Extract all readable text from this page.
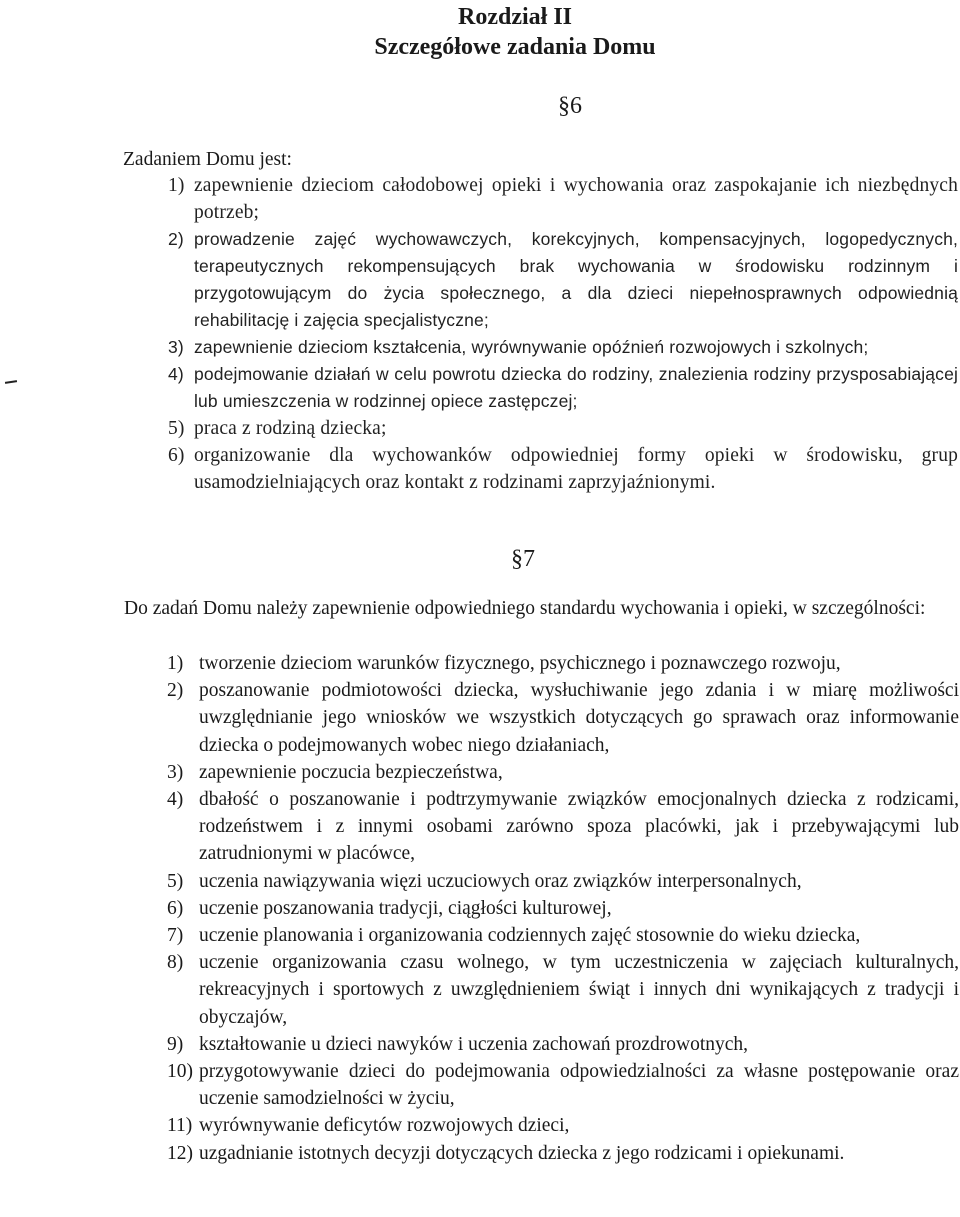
Rozdział II
Szczegółowe zadania Domu
§6
Zadaniem Domu jest:
1) zapewnienie dzieciom całodobowej opieki i wychowania oraz zaspokajanie ich niezbędnych potrzeb;
2) prowadzenie zajęć wychowawczych, korekcyjnych, kompensacyjnych, logopedycznych, terapeutycznych rekompensujących brak wychowania w środowisku rodzinnym i przygotowującym do życia społecznego, a dla dzieci niepełnosprawnych odpowiednią rehabilitację i zajęcia specjalistyczne;
3) zapewnienie dzieciom kształcenia, wyrównywanie opóźnień rozwojowych i szkolnych;
4) podejmowanie działań w celu powrotu dziecka do rodziny, znalezienia rodziny przysposabiającej lub umieszczenia w rodzinnej opiece zastępczej;
5) praca z rodziną dziecka;
6) organizowanie dla wychowanków odpowiedniej formy opieki w środowisku, grup usamodzielniających oraz kontakt z rodzinami zaprzyjaźnionymi.
§7
Do zadań Domu należy zapewnienie odpowiedniego standardu wychowania i opieki, w szczególności:
1) tworzenie dzieciom warunków fizycznego, psychicznego i poznawczego rozwoju,
2) poszanowanie podmiotowości dziecka, wysłuchiwanie jego zdania i w miarę możliwości uwzględnianie jego wniosków we wszystkich dotyczących go sprawach oraz informowanie dziecka o podejmowanych wobec niego działaniach,
3) zapewnienie poczucia bezpieczeństwa,
4) dbałość o poszanowanie i podtrzymywanie związków emocjonalnych dziecka z rodzicami, rodzeństwem i z innymi osobami zarówno spoza placówki, jak i przebywającymi lub zatrudnionymi w placówce,
5) uczenia nawiązywania więzi uczuciowych oraz związków interpersonalnych,
6) uczenie poszanowania tradycji, ciągłości kulturowej,
7) uczenie planowania i organizowania codziennych zajęć stosownie do wieku dziecka,
8) uczenie organizowania czasu wolnego, w tym uczestniczenia w zajęciach kulturalnych, rekreacyjnych i sportowych z uwzględnieniem świąt i innych dni wynikających z tradycji i obyczajów,
9) kształtowanie u dzieci nawyków i uczenia zachowań prozdrowotnych,
10) przygotowywanie dzieci do podejmowania odpowiedzialności za własne postępowanie oraz uczenie samodzielności w życiu,
11) wyrównywanie deficytów rozwojowych dzieci,
12) uzgadnianie istotnych decyzji dotyczących dziecka z jego rodzicami i opiekunami.
